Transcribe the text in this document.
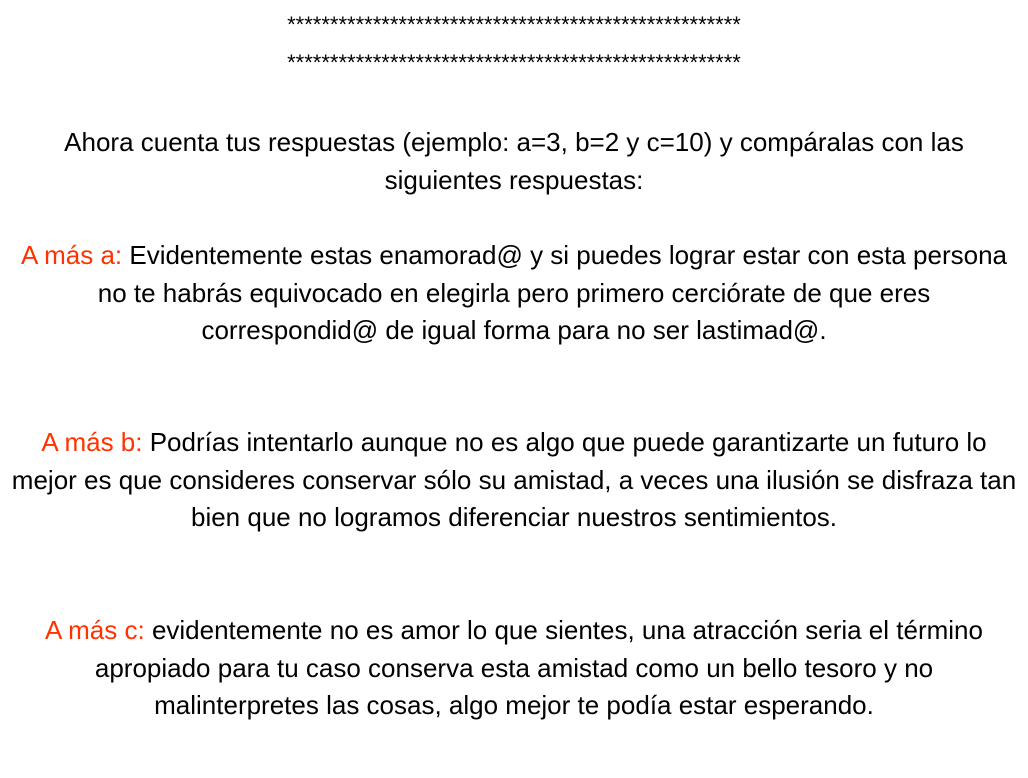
*****************************************************
*****************************************************
Ahora cuenta tus respuestas (ejemplo: a=3, b=2 y c=10) y compáralas con las siguientes respuestas:
A más a: Evidentemente estas enamorad@ y si puedes lograr estar con esta persona no te habrás equivocado en elegirla pero primero cerciórate de que eres correspondid@ de igual forma para no ser lastimad@.
A más b: Podrías intentarlo aunque no es algo que puede garantizarte un futuro lo mejor es que consideres conservar sólo su amistad, a veces una ilusión se disfraza tan bien que no logramos diferenciar nuestros sentimientos.
A más c: evidentemente no es amor lo que sientes, una atracción seria el término apropiado para tu caso conserva esta amistad como un bello tesoro y no malinterpretes las cosas, algo mejor te podía estar esperando.
